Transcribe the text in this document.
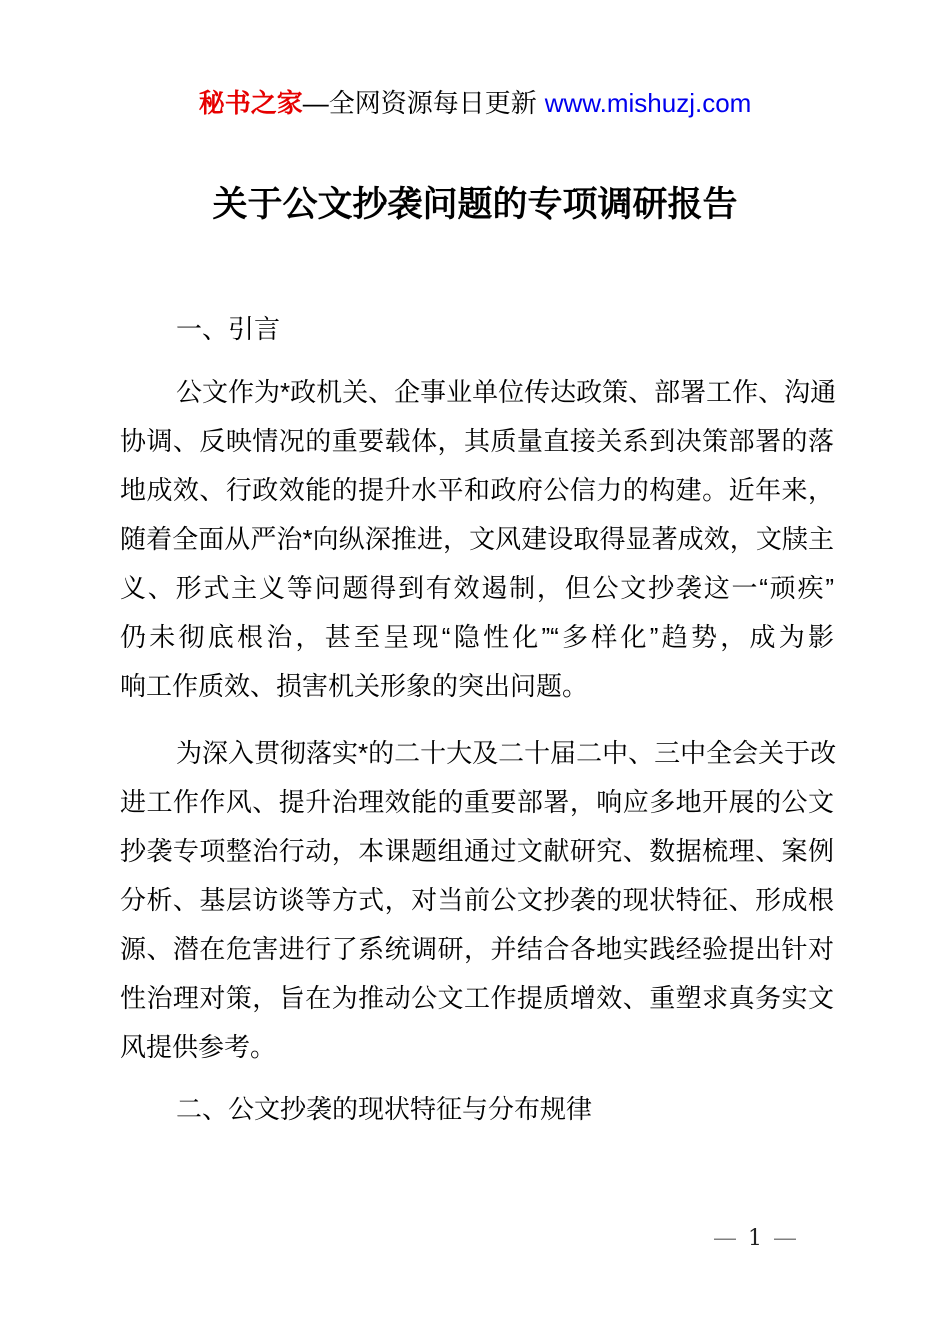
秘书之家—全网资源每日更新 www.mishuzj.com
关于公文抄袭问题的专项调研报告
一、引言
公文作为*政机关、企事业单位传达政策、部署工作、沟通
协调、反映情况的重要载体，其质量直接关系到决策部署的落
地成效、行政效能的提升水平和政府公信力的构建。近年来，
随着全面从严治*向纵深推进，文风建设取得显著成效，文牍主
义、形式主义等问题得到有效遏制，但公文抄袭这一“顽疾”
仍未彻底根治，甚至呈现“隐性化”“多样化”趋势，成为影
响工作质效、损害机关形象的突出问题。
为深入贯彻落实*的二十大及二十届二中、三中全会关于改
进工作作风、提升治理效能的重要部署，响应多地开展的公文
抄袭专项整治行动，本课题组通过文献研究、数据梳理、案例
分析、基层访谈等方式，对当前公文抄袭的现状特征、形成根
源、潜在危害进行了系统调研，并结合各地实践经验提出针对
性治理对策，旨在为推动公文工作提质增效、重塑求真务实文
风提供参考。
二、公文抄袭的现状特征与分布规律
— 1 —
